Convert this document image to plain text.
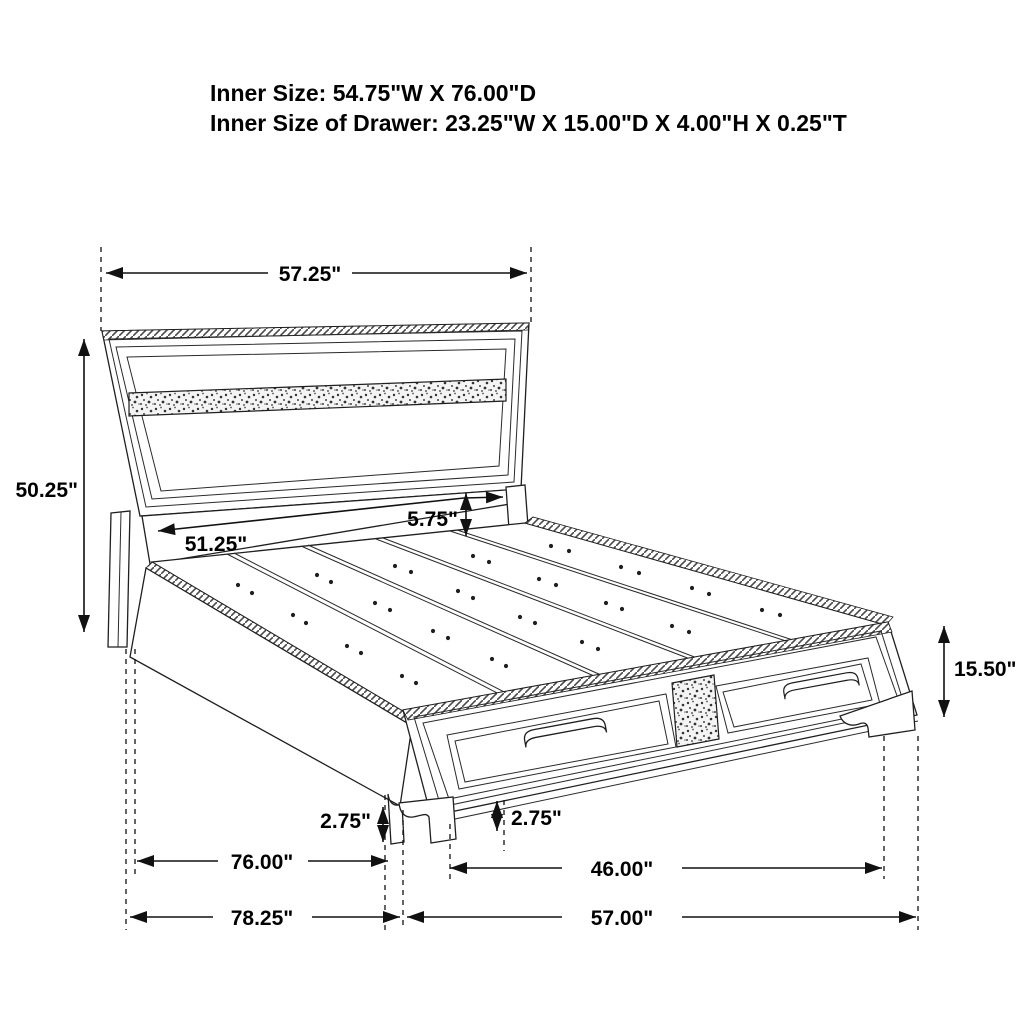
57.25"
50.25"
51.25"
5.75"
15.50"
2.75"	2.75"
76.00"	46.00"
78.25"	57.00"
Inner Size: 54.75"W X 76.00"D
Inner Size of Drawer: 23.25"W X 15.00"D X 4.00"H X 0.25"T
